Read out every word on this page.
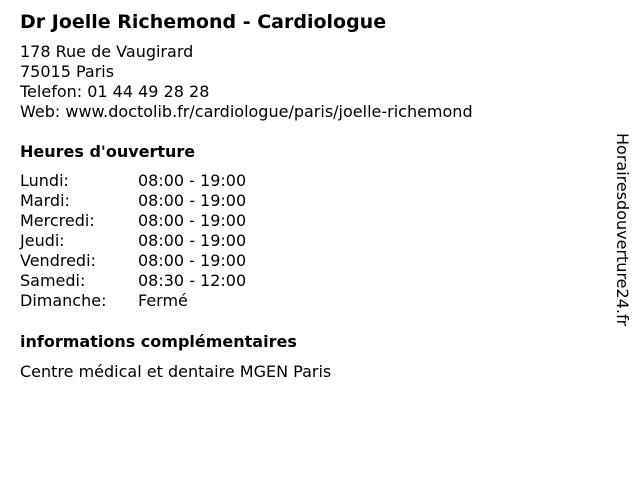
Dr Joelle Richemond - Cardiologue
178 Rue de Vaugirard
75015 Paris
Telefon: 01 44 49 28 28
Web: www.doctolib.fr/cardiologue/paris/joelle-richemond
Heures d'ouverture
Lundi:	08:00 - 19:00
Mardi:	08:00 - 19:00
Mercredi:	08:00 - 19:00
Jeudi:	08:00 - 19:00
Vendredi:	08:00 - 19:00
Samedi:	08:30 - 12:00
Dimanche:	Fermé
informations complémentaires
Centre médical et dentaire MGEN Paris
Horairesdouverture24.fr
